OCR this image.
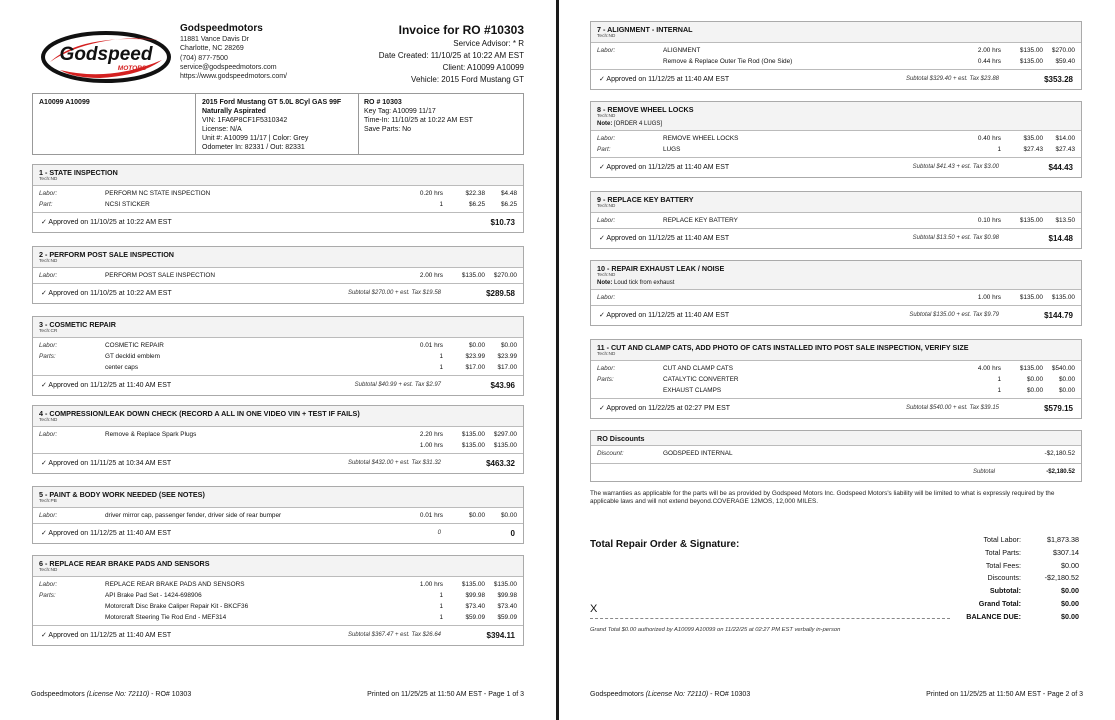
Godspeed
MOTORS
Godspeedmotors
11881 Vance Davis Dr
Charlotte, NC 28269
(704) 877-7500
service@godspeedmotors.com
https://www.godspeedmotors.com/
Invoice for RO #10303
Service Advisor: * R
Date Created: 11/10/25 at 10:22 AM EST
Client: A10099 A10099
Vehicle: 2015 Ford Mustang GT
A10099 A10099	2015 Ford Mustang GT 5.0L 8Cyl GAS 99F
Naturally Aspirated
VIN: 1FA6P8CF1F5310342
License: N/A
Unit #: A10099 11/17 | Color: Grey
Odometer In: 82331 / Out: 82331
RO # 10303
Key Tag: A10099 11/17
Time-In: 11/10/25 at 10:22 AM EST
Save Parts: No
1 - STATE INSPECTION
Tech:ND
Labor:	PERFORM NC STATE INSPECTION	0.20 hrs	$22.38	$4.48
Part:	NCSI STICKER	1	$6.25	$6.25
✓ Approved on 11/10/25 at 10:22 AM EST	$10.73
2 - PERFORM POST SALE INSPECTION
Tech:ND
Labor:	PERFORM POST SALE INSPECTION	2.00 hrs	$135.00 $270.00
✓ Approved on 11/10/25 at 10:22 AM EST	Subtotal $270.00 + est. Tax $19.58	$289.58
3 - COSMETIC REPAIR
Tech:CR
Labor:	COSMETIC REPAIR	0.01 hrs	$0.00	$0.00
Parts:	GT decklid emblem	1	$23.99 $23.99
center caps	1	$17.00 $17.00
✓ Approved on 11/12/25 at 11:40 AM EST	Subtotal $40.99 + est. Tax $2.97	$43.96
4 - COMPRESSION/LEAK DOWN CHECK (RECORD A ALL IN ONE VIDEO VIN + TEST IF FAILS)
Tech:ND
Labor:	Remove & Replace Spark Plugs	2.20 hrs	$135.00 $297.00
1.00 hrs	$135.00 $135.00
✓ Approved on 11/11/25 at 10:34 AM EST	Subtotal $432.00 + est. Tax $31.32	$463.32
5 - PAINT & BODY WORK NEEDED (SEE NOTES)
Tech:PB
Labor:	driver mirror cap, passenger fender, driver side of rear bumper	0.01 hrs	$0.00	$0.00
✓ Approved on 11/12/25 at 11:40 AM EST	0	0
6 - REPLACE REAR BRAKE PADS AND SENSORS
Tech:ND
Labor:	REPLACE REAR BRAKE PADS AND SENSORS	1.00 hrs	$135.00 $135.00
Parts:	API Brake Pad Set - 1424-698906	1	$99.98 $99.98
Motorcraft Disc Brake Caliper Repair Kit - BKCF36	1	$73.40 $73.40
Motorcraft Steering Tie Rod End - MEF314	1	$59.09 $59.09
✓ Approved on 11/12/25 at 11:40 AM EST	Subtotal $367.47 + est. Tax $26.64	$394.11
Godspeedmotors (License No: 72110) - RO# 10303	Printed on 11/25/25 at 11:50 AM EST - Page 1 of 3
7 - ALIGNMENT - INTERNAL
Tech:ND
Labor:	ALIGNMENT	2.00 hrs	$135.00 $270.00
Remove & Replace Outer Tie Rod (One Side)	0.44 hrs	$135.00 $59.40
✓ Approved on 11/12/25 at 11:40 AM EST	Subtotal $329.40 + est. Tax $23.88	$353.28
8 - REMOVE WHEEL LOCKS
Tech:ND
Note: [ORDER 4 LUGS]
Labor:	REMOVE WHEEL LOCKS	0.40 hrs	$35.00 $14.00
Part:	LUGS	1	$27.43 $27.43
✓ Approved on 11/12/25 at 11:40 AM EST	Subtotal $41.43 + est. Tax $3.00	$44.43
9 - REPLACE KEY BATTERY
Tech:ND
Labor:	REPLACE KEY BATTERY	0.10 hrs	$135.00 $13.50
✓ Approved on 11/12/25 at 11:40 AM EST	Subtotal $13.50 + est. Tax $0.98	$14.48
10 - REPAIR EXHAUST LEAK / NOISE
Tech:ND
Note: Loud tick from exhaust
Labor:	1.00 hrs	$135.00 $135.00
✓ Approved on 11/12/25 at 11:40 AM EST	Subtotal $135.00 + est. Tax $9.79	$144.79
11 - CUT AND CLAMP CATS, ADD PHOTO OF CATS INSTALLED INTO POST SALE INSPECTION, VERIFY SIZE
Tech:ND
Labor:	CUT AND CLAMP CATS	4.00 hrs	$135.00 $540.00
Parts:	CATALYTIC CONVERTER	1	$0.00	$0.00
EXHAUST CLAMPS	1	$0.00	$0.00
✓ Approved on 11/22/25 at 02:27 PM EST	Subtotal $540.00 + est. Tax $39.15	$579.15
RO Discounts
Discount:	GODSPEED INTERNAL	-$2,180.52
Subtotal	-$2,180.52
The warranties as applicable for the parts will be as provided by Godspeed Motors Inc. Godspeed Motors's liability will be limited to what is expressly required by the applicable laws and will not extend beyond.COVERAGE 12MOS, 12,000 MILES.
Total Repair Order & Signature:	Total Labor:	$1,873.38
Total Parts:	$307.14
Total Fees:	$0.00
Discounts:	-$2,180.52
Subtotal:	$0.00
Grand Total:	$0.00
BALANCE DUE:	$0.00
X
Grand Total $0.00 authorized by A10099 A10099 on 11/22/25 at 02:27 PM EST verbally in-person
Godspeedmotors (License No: 72110) - RO# 10303	Printed on 11/25/25 at 11:50 AM EST - Page 2 of 3
